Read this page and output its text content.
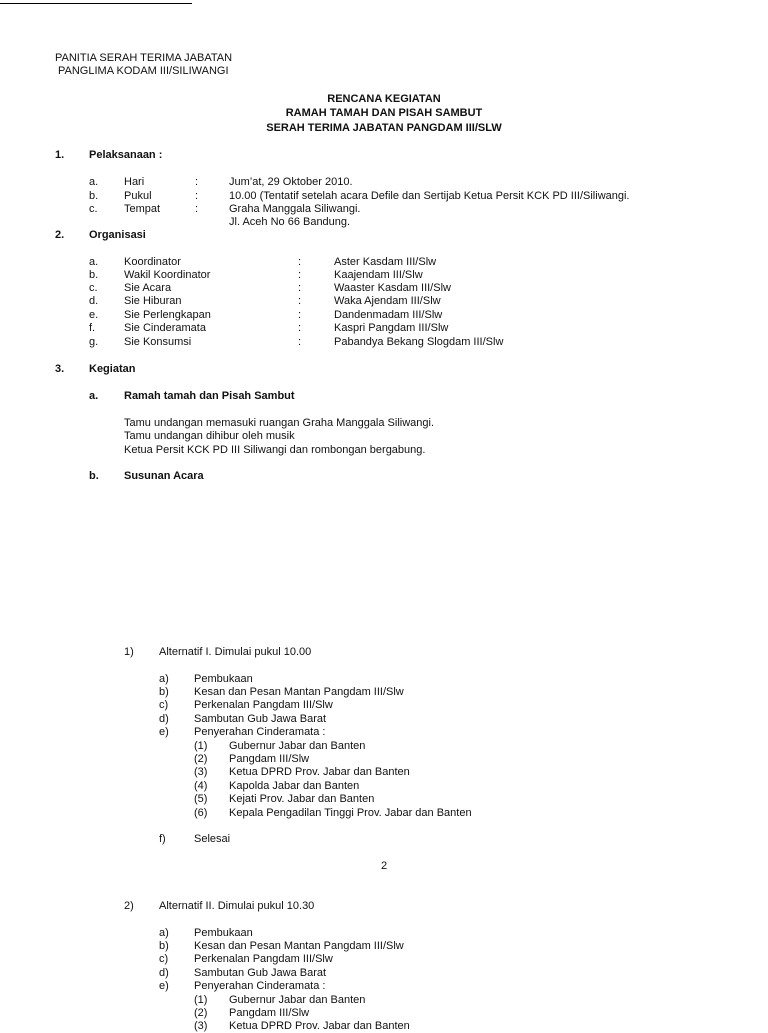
PANITIA SERAH TERIMA JABATAN
PANGLIMA KODAM III/SILIWANGI
RENCANA KEGIATAN
RAMAH TAMAH DAN PISAH SAMBUT
SERAH TERIMA JABATAN PANGDAM III/SLW
1. Pelaksanaan :
a. Hari	:	Jum’at, 29 Oktober 2010.
b. Pukul	:	10.00 (Tentatif setelah acara Defile dan Sertijab Ketua Persit KCK PD III/Siliwangi.
c. Tempat	:	Graha Manggala Siliwangi.
Jl. Aceh No 66 Bandung.
2. Organisasi
a. Koordinator	:	Aster Kasdam III/Slw
b. Wakil Koordinator	:	Kaajendam III/Slw
c. Sie Acara	:	Waaster Kasdam III/Slw
d. Sie Hiburan	:	Waka Ajendam III/Slw
e. Sie Perlengkapan	:	Dandenmadam III/Slw
f.	Sie Cinderamata	:	Kaspri Pangdam III/Slw
g. Sie Konsumsi	:	Pabandya Bekang Slogdam III/Slw
3. Kegiatan
a. Ramah tamah dan Pisah Sambut
Tamu undangan memasuki ruangan Graha Manggala Siliwangi.
Tamu undangan dihibur oleh musik
Ketua Persit KCK PD III Siliwangi dan rombongan bergabung.
b. Susunan Acara
1) Alternatif I. Dimulai pukul 10.00
a) Pembukaan
b) Kesan dan Pesan Mantan Pangdam III/Slw
c) Perkenalan Pangdam III/Slw
d) Sambutan Gub Jawa Barat
e) Penyerahan Cinderamata :
(1) Gubernur Jabar dan Banten
(2) Pangdam III/Slw
(3) Ketua DPRD Prov. Jabar dan Banten
(4) Kapolda Jabar dan Banten
(5) Kejati Prov. Jabar dan Banten
(6) Kepala Pengadilan Tinggi Prov. Jabar dan Banten
f)	Selesai
2
2) Alternatif II. Dimulai pukul 10.30
a) Pembukaan
b) Kesan dan Pesan Mantan Pangdam III/Slw
c) Perkenalan Pangdam III/Slw
d) Sambutan Gub Jawa Barat
e) Penyerahan Cinderamata :
(1) Gubernur Jabar dan Banten
(2) Pangdam III/Slw
(3) Ketua DPRD Prov. Jabar dan Banten
